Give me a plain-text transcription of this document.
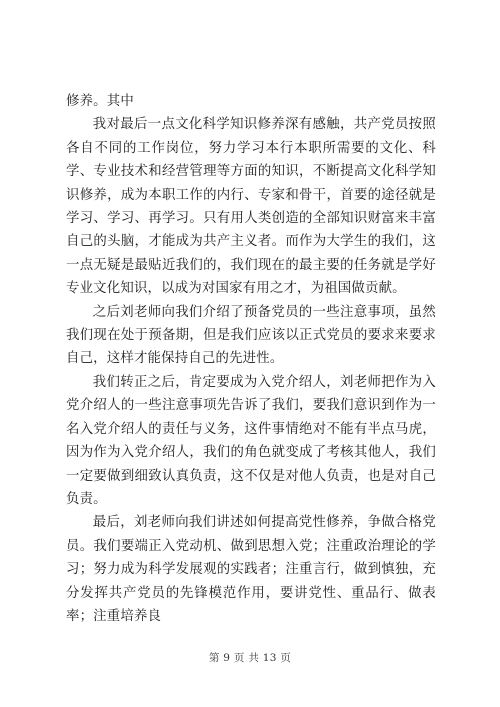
修养。其中

我对最后一点文化科学知识修养深有感触，共产党员按照各自不同的工作岗位，努力学习本行本职所需要的文化、科学、专业技术和经营管理等方面的知识，不断提高文化科学知识修养，成为本职工作的内行、专家和骨干，首要的途径就是学习、学习、再学习。只有用人类创造的全部知识财富来丰富自己的头脑，才能成为共产主义者。而作为大学生的我们，这一点无疑是最贴近我们的，我们现在的最主要的任务就是学好专业文化知识，以成为对国家有用之才，为祖国做贡献。

之后刘老师向我们介绍了预备党员的一些注意事项，虽然我们现在处于预备期，但是我们应该以正式党员的要求来要求自己，这样才能保持自己的先进性。

我们转正之后，肯定要成为入党介绍人，刘老师把作为入党介绍人的一些注意事项先告诉了我们，要我们意识到作为一名入党介绍人的责任与义务，这件事情绝对不能有半点马虎，因为作为入党介绍人，我们的角色就变成了考核其他人，我们一定要做到细致认真负责，这不仅是对他人负责，也是对自己负责。

最后，刘老师向我们讲述如何提高党性修养，争做合格党员。我们要端正入党动机、做到思想入党；注重政治理论的学习；努力成为科学发展观的实践者；注重言行，做到慎独，充分发挥共产党员的先锋模范作用，要讲党性、重品行、做表率；注重培养良

第 9 页 共 13 页
